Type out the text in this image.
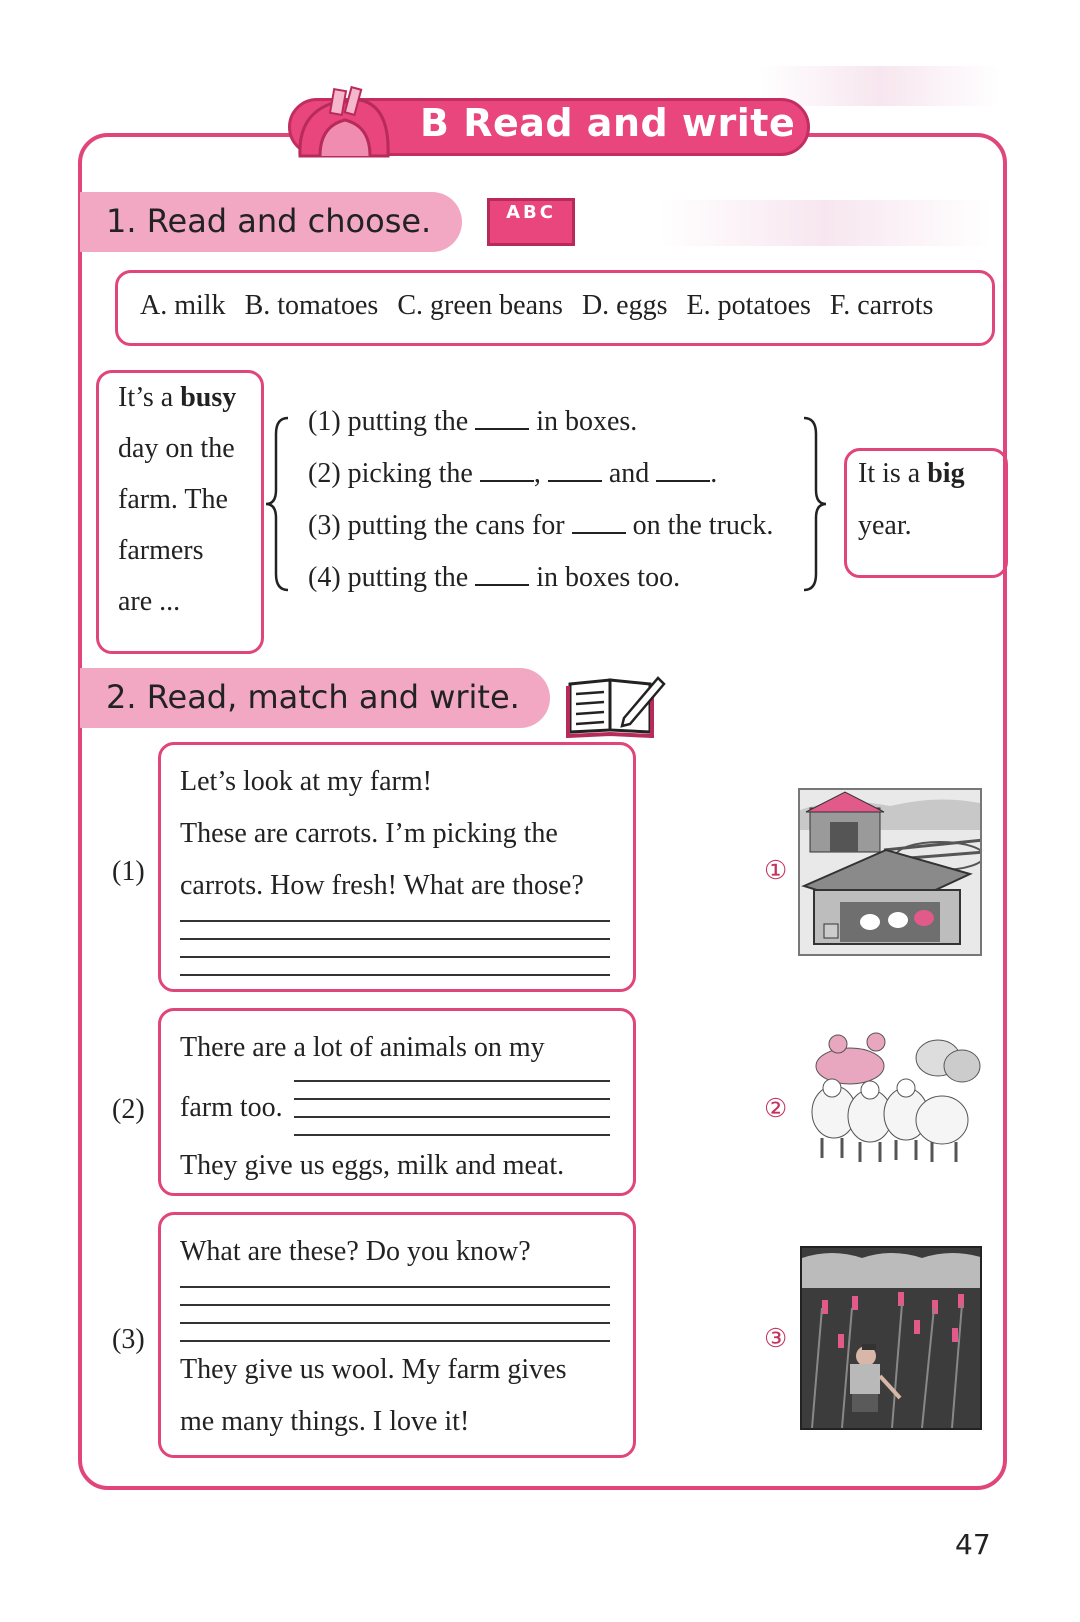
B Read and write
1. Read and choose.	ABC
A. milk B. tomatoes C. green beans D. eggs E. potatoes F. carrots
It’s a busy
day on the
farm. The
farmers
are ...
(1) putting the in boxes.
(2) picking the , and .
(3) putting the cans for on the truck.
(4) putting the in boxes too.
It is a big
year.
2. Read, match and write.
(1)
Let’s look at my farm!
These are carrots. I’m picking the
carrots. How fresh! What are those?
(2)
There are a lot of animals on my
farm too.
They give us eggs, milk and meat.
(3)
What are these? Do you know?
They give us wool. My farm gives
me many things. I love it!
①
②
③
47
